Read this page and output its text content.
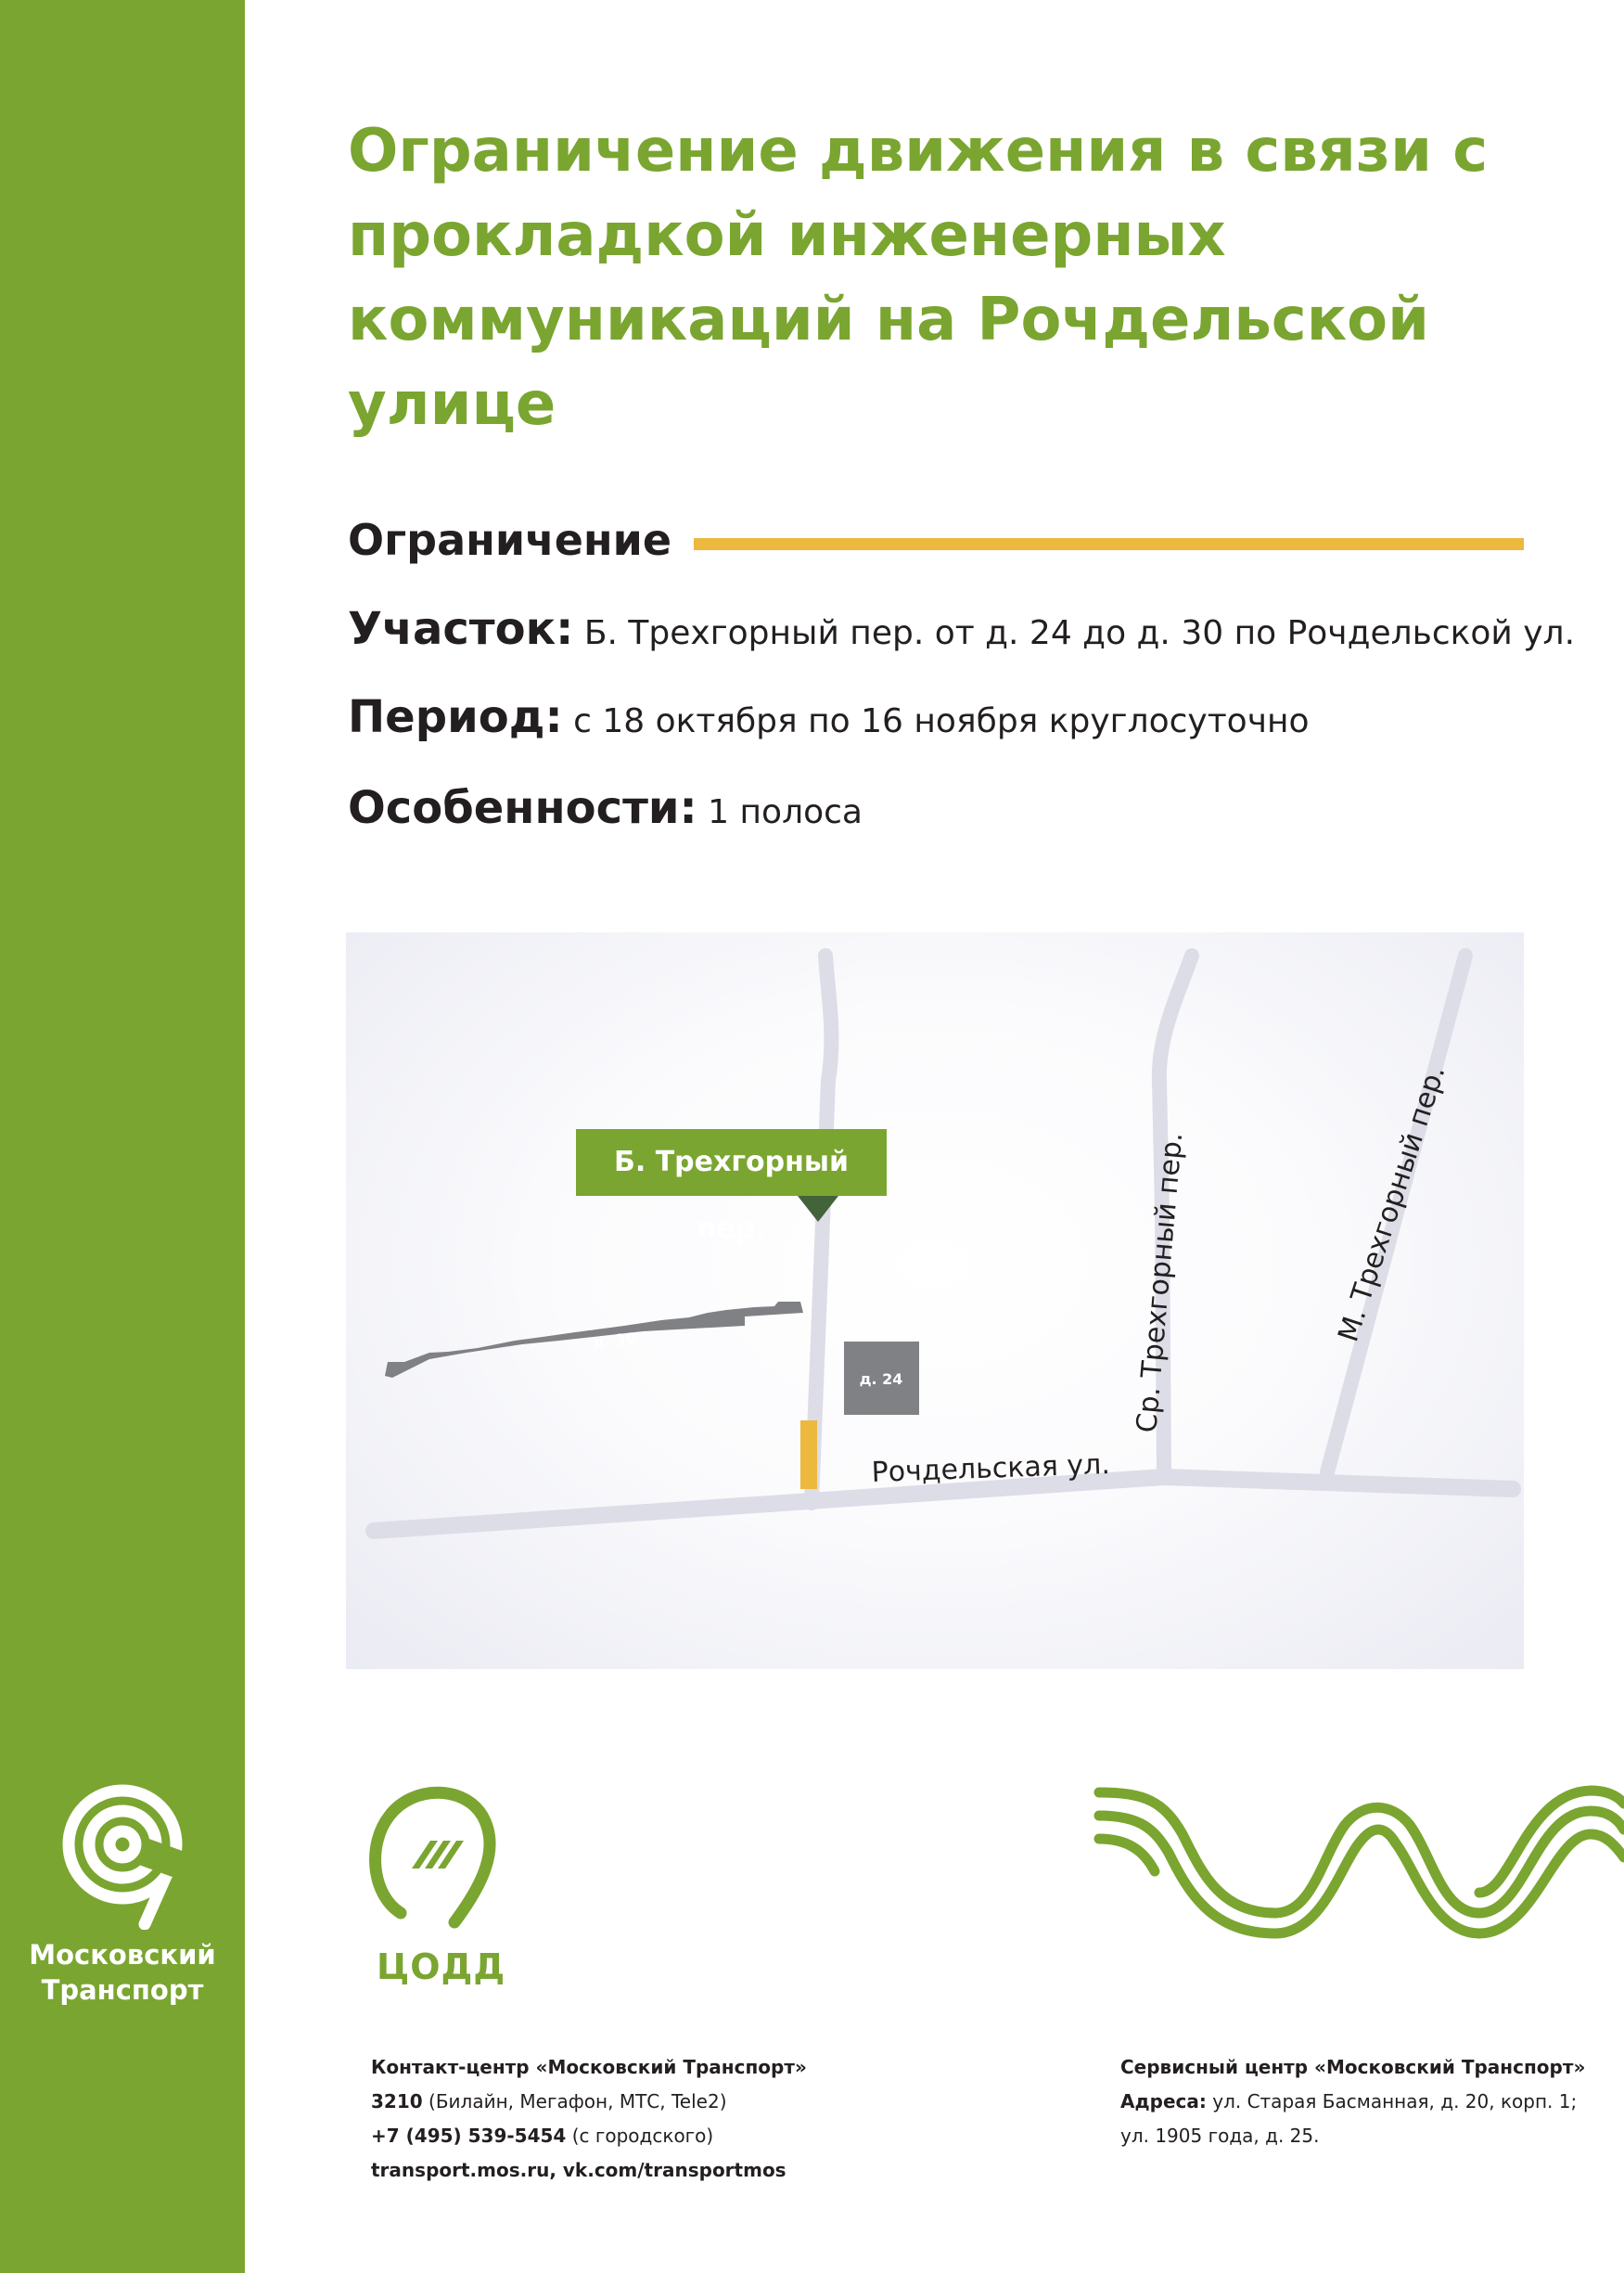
Ограничение движения в связи с прокладкой инженерных коммуникаций на Рочдельской улице
Ограничение
Участок: Б. Трехгорный пер. от д. 24 до д. 30 по Рочдельской ул.
Период: с 18 октября по 16 ноября круглосуточно
Особенности: 1 полоса
д. 24
д. 30
Рочдельская ул.
Ср. Трехгорный пер.	М. Трехгорный пер.
Б. Трехгорный пер.
Московский
Транспорт
ЦОДД
Контакт-центр «Московский Транспорт»
3210 (Билайн, Мегафон, МТС, Tele2)
+7 (495) 539-5454 (с городского)
transport.mos.ru, vk.com/transportmos
Сервисный центр «Московский Транспорт»
Адреса: ул. Старая Басманная, д. 20, корп. 1;
ул. 1905 года, д. 25.
